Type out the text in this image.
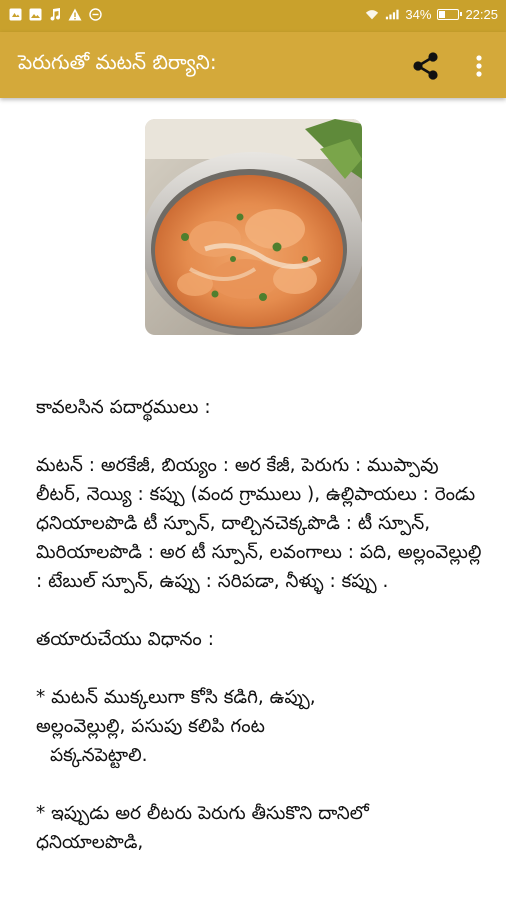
34%	22:25
పెరుగుతో మటన్ బిర్యాని:

కావలసిన పదార్థములు :

మటన్ : అరకేజీ, బియ్యం : అర కేజీ, పెరుగు : ముప్పావు లీటర్, నెయ్యి : కప్పు (వంద గ్రాములు ), ఉల్లిపాయలు : రెండు ధనియాలపొడి టీ స్పూన్, దాల్చినచెక్కపొడి : టీ స్పూన్, మిరియాలపొడి : అర టీ స్పూన్, లవంగాలు : పది, అల్లంవెల్లుల్లి : టేబుల్ స్పూన్, ఉప్పు : సరిపడా, నీళ్ళు : కప్పు .

తయారుచేయు విధానం :

* మటన్ ముక్కలుగా కోసి కడిగి, ఉప్పు,

అల్లంవెల్లుల్లి, పసుపు కలిపి గంట

పక్కనపెట్టాలి.

* ఇప్పుడు అర లీటరు పెరుగు తీసుకొని దానిలో

ధనియాలపొడి,
